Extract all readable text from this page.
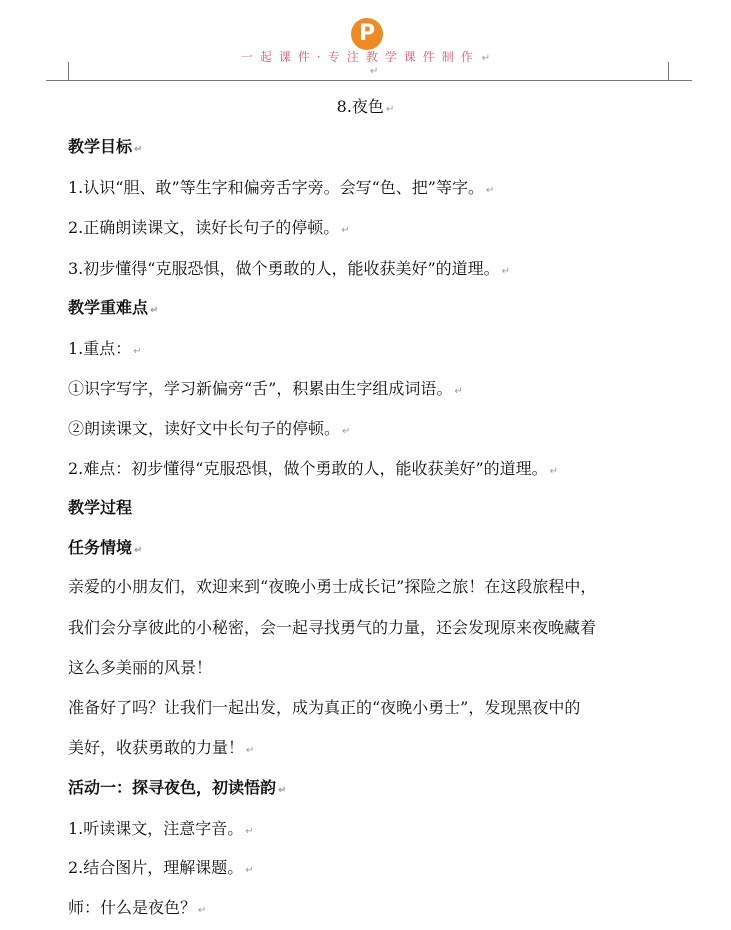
P
一起课件·专注教学课件制作 ↵
↵
8.夜色 ↵
教学目标 ↵
1.认识“胆、敢”等生字和偏旁舌字旁。会写“色、把”等字。 ↵
2.正确朗读课文，读好长句子的停顿。 ↵
3.初步懂得“克服恐惧，做个勇敢的人，能收获美好”的道理。 ↵
教学重难点 ↵
1.重点： ↵
①识字写字，学习新偏旁“舌”，积累由生字组成词语。 ↵
②朗读课文，读好文中长句子的停顿。 ↵
2.难点：初步懂得“克服恐惧，做个勇敢的人，能收获美好”的道理。 ↵
教学过程
任务情境 ↵
亲爱的小朋友们，欢迎来到“夜晚小勇士成长记”探险之旅！在这段旅程中，
我们会分享彼此的小秘密，会一起寻找勇气的力量，还会发现原来夜晚藏着
这么多美丽的风景！
准备好了吗？让我们一起出发，成为真正的“夜晚小勇士”，发现黑夜中的
美好，收获勇敢的力量！ ↵
活动一：探寻夜色，初读悟韵 ↵
1.听读课文，注意字音。 ↵
2.结合图片，理解课题。 ↵
师：什么是夜色？ ↵
